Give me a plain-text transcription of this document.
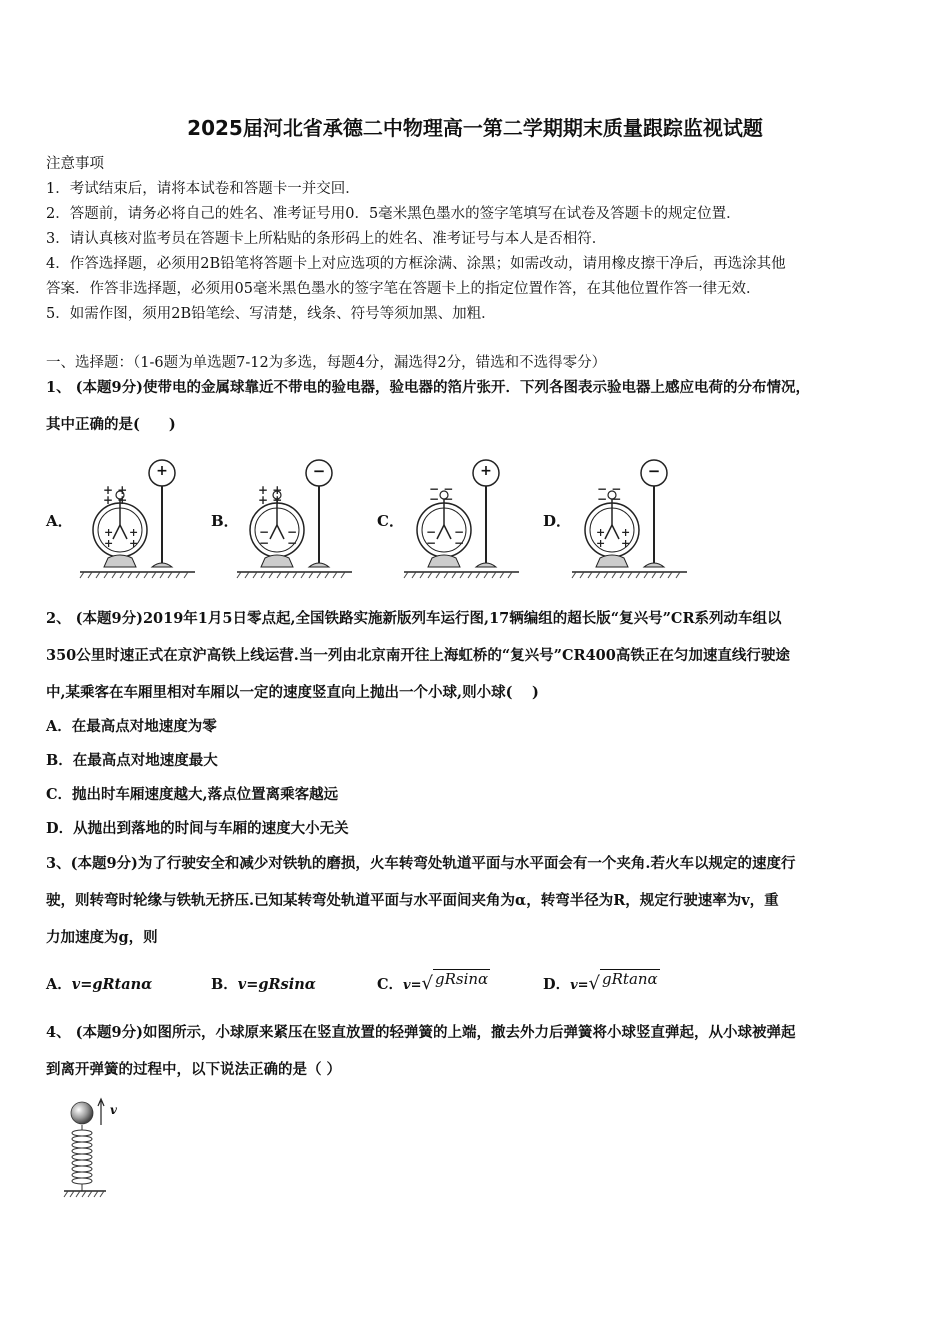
2025届河北省承德二中物理高一第二学期期末质量跟踪监视试题
注意事项
1．考试结束后，请将本试卷和答题卡一并交回．
2．答题前，请务必将自己的姓名、准考证号用0．5毫米黑色墨水的签字笔填写在试卷及答题卡的规定位置．
3．请认真核对监考员在答题卡上所粘贴的条形码上的姓名、准考证号与本人是否相符．
4．作答选择题，必须用2B铅笔将答题卡上对应选项的方框涂满、涂黑；如需改动，请用橡皮擦干净后，再选涂其他
答案．作答非选择题，必须用05毫米黑色墨水的签字笔在答题卡上的指定位置作答，在其他位置作答一律无效．
5．如需作图，须用2B铅笔绘、写清楚，线条、符号等须加黑、加粗．
一、选择题：（1-6题为单选题7-12为多选，每题4分，漏选得2分，错选和不选得零分）
1、 (本题9分)使带电的金属球靠近不带电的验电器，验电器的箔片张开．下列各图表示验电器上感应电荷的分布情况，
其中正确的是(　　)
A．	B．	C．	D．
+ +
+ +
+ +
+ +
+
+ +
+ +
− −
− −
−
− −
− −
− −
− −
+
− −
− −
+ +
+ +
−
2、 (本题9分)2019年1月5日零点起,全国铁路实施新版列车运行图,17辆编组的超长版“复兴号”CR系列动车组以
350公里时速正式在京沪高铁上线运营.当一列由北京南开往上海虹桥的“复兴号”CR400高铁正在匀加速直线行驶途
中,某乘客在车厢里相对车厢以一定的速度竖直向上抛出一个小球,则小球(　 )
A．在最高点对地速度为零
B．在最高点对地速度最大
C．抛出时车厢速度越大,落点位置离乘客越远
D．从抛出到落地的时间与车厢的速度大小无关
3、(本题9分)为了行驶安全和减少对铁轨的磨损，火车转弯处轨道平面与水平面会有一个夹角.若火车以规定的速度行
驶，则转弯时轮缘与铁轨无挤压.已知某转弯处轨道平面与水平面间夹角为α，转弯半径为R，规定行驶速率为v，重
力加速度为g，则
A．v=gRtanα	B．v=gRsinα	C．v=√ gRsinα	D．v=√ gRtanα
4、 (本题9分)如图所示，小球原来紧压在竖直放置的轻弹簧的上端，撤去外力后弹簧将小球竖直弹起，从小球被弹起
到离开弹簧的过程中，以下说法正确的是（ ）
v
